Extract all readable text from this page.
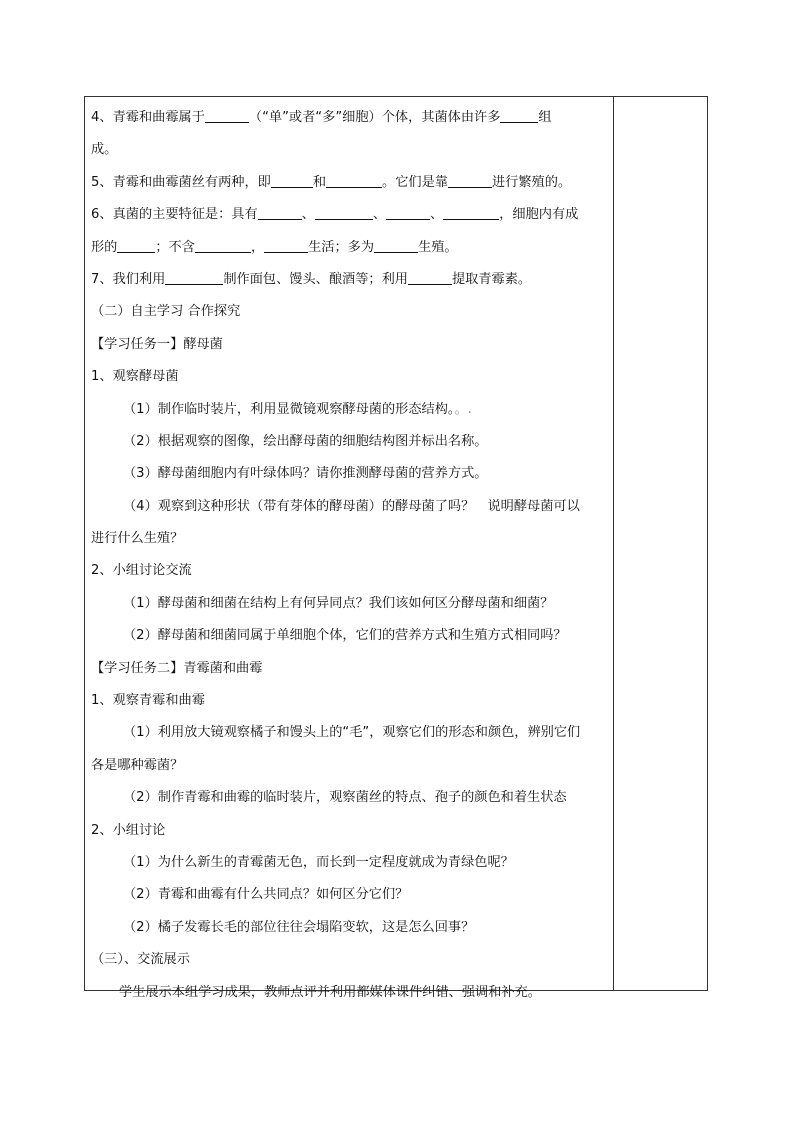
4、青霉和曲霉属于	（“单”或者“多”细胞）个体，其菌体由许多	组
成。
5、青霉和曲霉菌丝有两种，即	和	。它们是靠	进行繁殖的。
6、真菌的主要特征是：具有	、	、	、	，细胞内有成
形的	；不含	，	生活；多为	生殖。
7、我们利用	制作面包、馒头、酿酒等；利用	提取青霉素。
（二）自主学习 合作探究
【学习任务一】酵母菌
1、观察酵母菌
（1）制作临时装片，利用显微镜观察酵母菌的形态结构。。.
（2）根据观察的图像，绘出酵母菌的细胞结构图并标出名称。
（3）酵母菌细胞内有叶绿体吗？请你推测酵母菌的营养方式。
（4）观察到这种形状（带有芽体的酵母菌）的酵母菌了吗？　说明酵母菌可以
进行什么生殖？
2、小组讨论交流
（1）酵母菌和细菌在结构上有何异同点？我们该如何区分酵母菌和细菌？
（2）酵母菌和细菌同属于单细胞个体，它们的营养方式和生殖方式相同吗？
【学习任务二】青霉菌和曲霉
1、观察青霉和曲霉
（1）利用放大镜观察橘子和馒头上的“毛”，观察它们的形态和颜色，辨别它们
各是哪种霉菌？
（2）制作青霉和曲霉的临时装片，观察菌丝的特点、孢子的颜色和着生状态
2、小组讨论
（1）为什么新生的青霉菌无色，而长到一定程度就成为青绿色呢？
（2）青霉和曲霉有什么共同点？如何区分它们？
（2）橘子发霉长毛的部位往往会塌陷变软，这是怎么回事？
（三）、交流展示
学生展示本组学习成果，教师点评并利用都媒体课件纠错、强调和补充。
